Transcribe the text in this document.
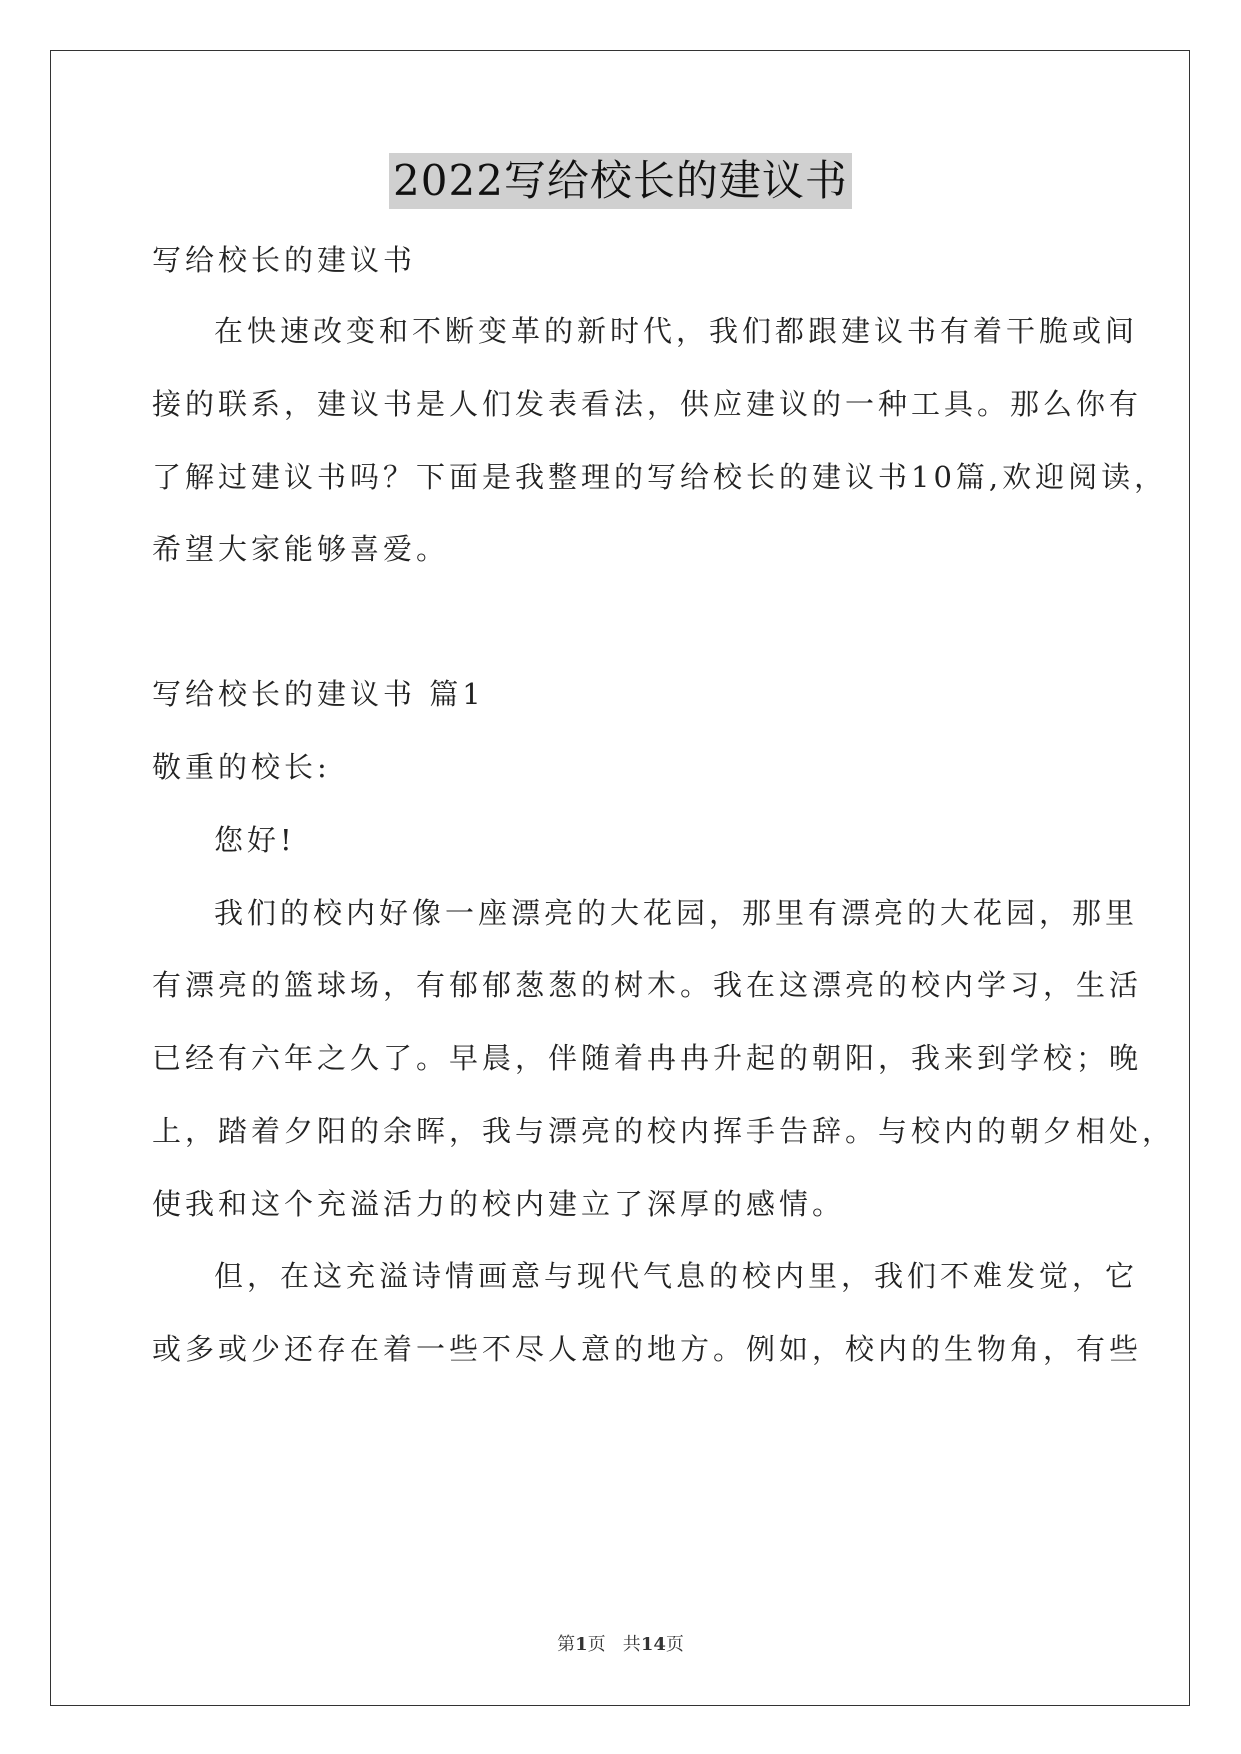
2022写给校长的建议书
写给校长的建议书
在快速改变和不断变革的新时代，我们都跟建议书有着干脆或间
接的联系，建议书是人们发表看法，供应建议的一种工具。那么你有
了解过建议书吗？下面是我整理的写给校长的建议书10篇,欢迎阅读，
希望大家能够喜爱。
写给校长的建议书 篇1
敬重的校长:
您好!
我们的校内好像一座漂亮的大花园，那里有漂亮的大花园，那里
有漂亮的篮球场，有郁郁葱葱的树木。我在这漂亮的校内学习，生活
已经有六年之久了。早晨，伴随着冉冉升起的朝阳，我来到学校；晚
上，踏着夕阳的余晖，我与漂亮的校内挥手告辞。与校内的朝夕相处，
使我和这个充溢活力的校内建立了深厚的感情。
但，在这充溢诗情画意与现代气息的校内里，我们不难发觉，它
或多或少还存在着一些不尽人意的地方。例如，校内的生物角，有些
第1页   共14页
